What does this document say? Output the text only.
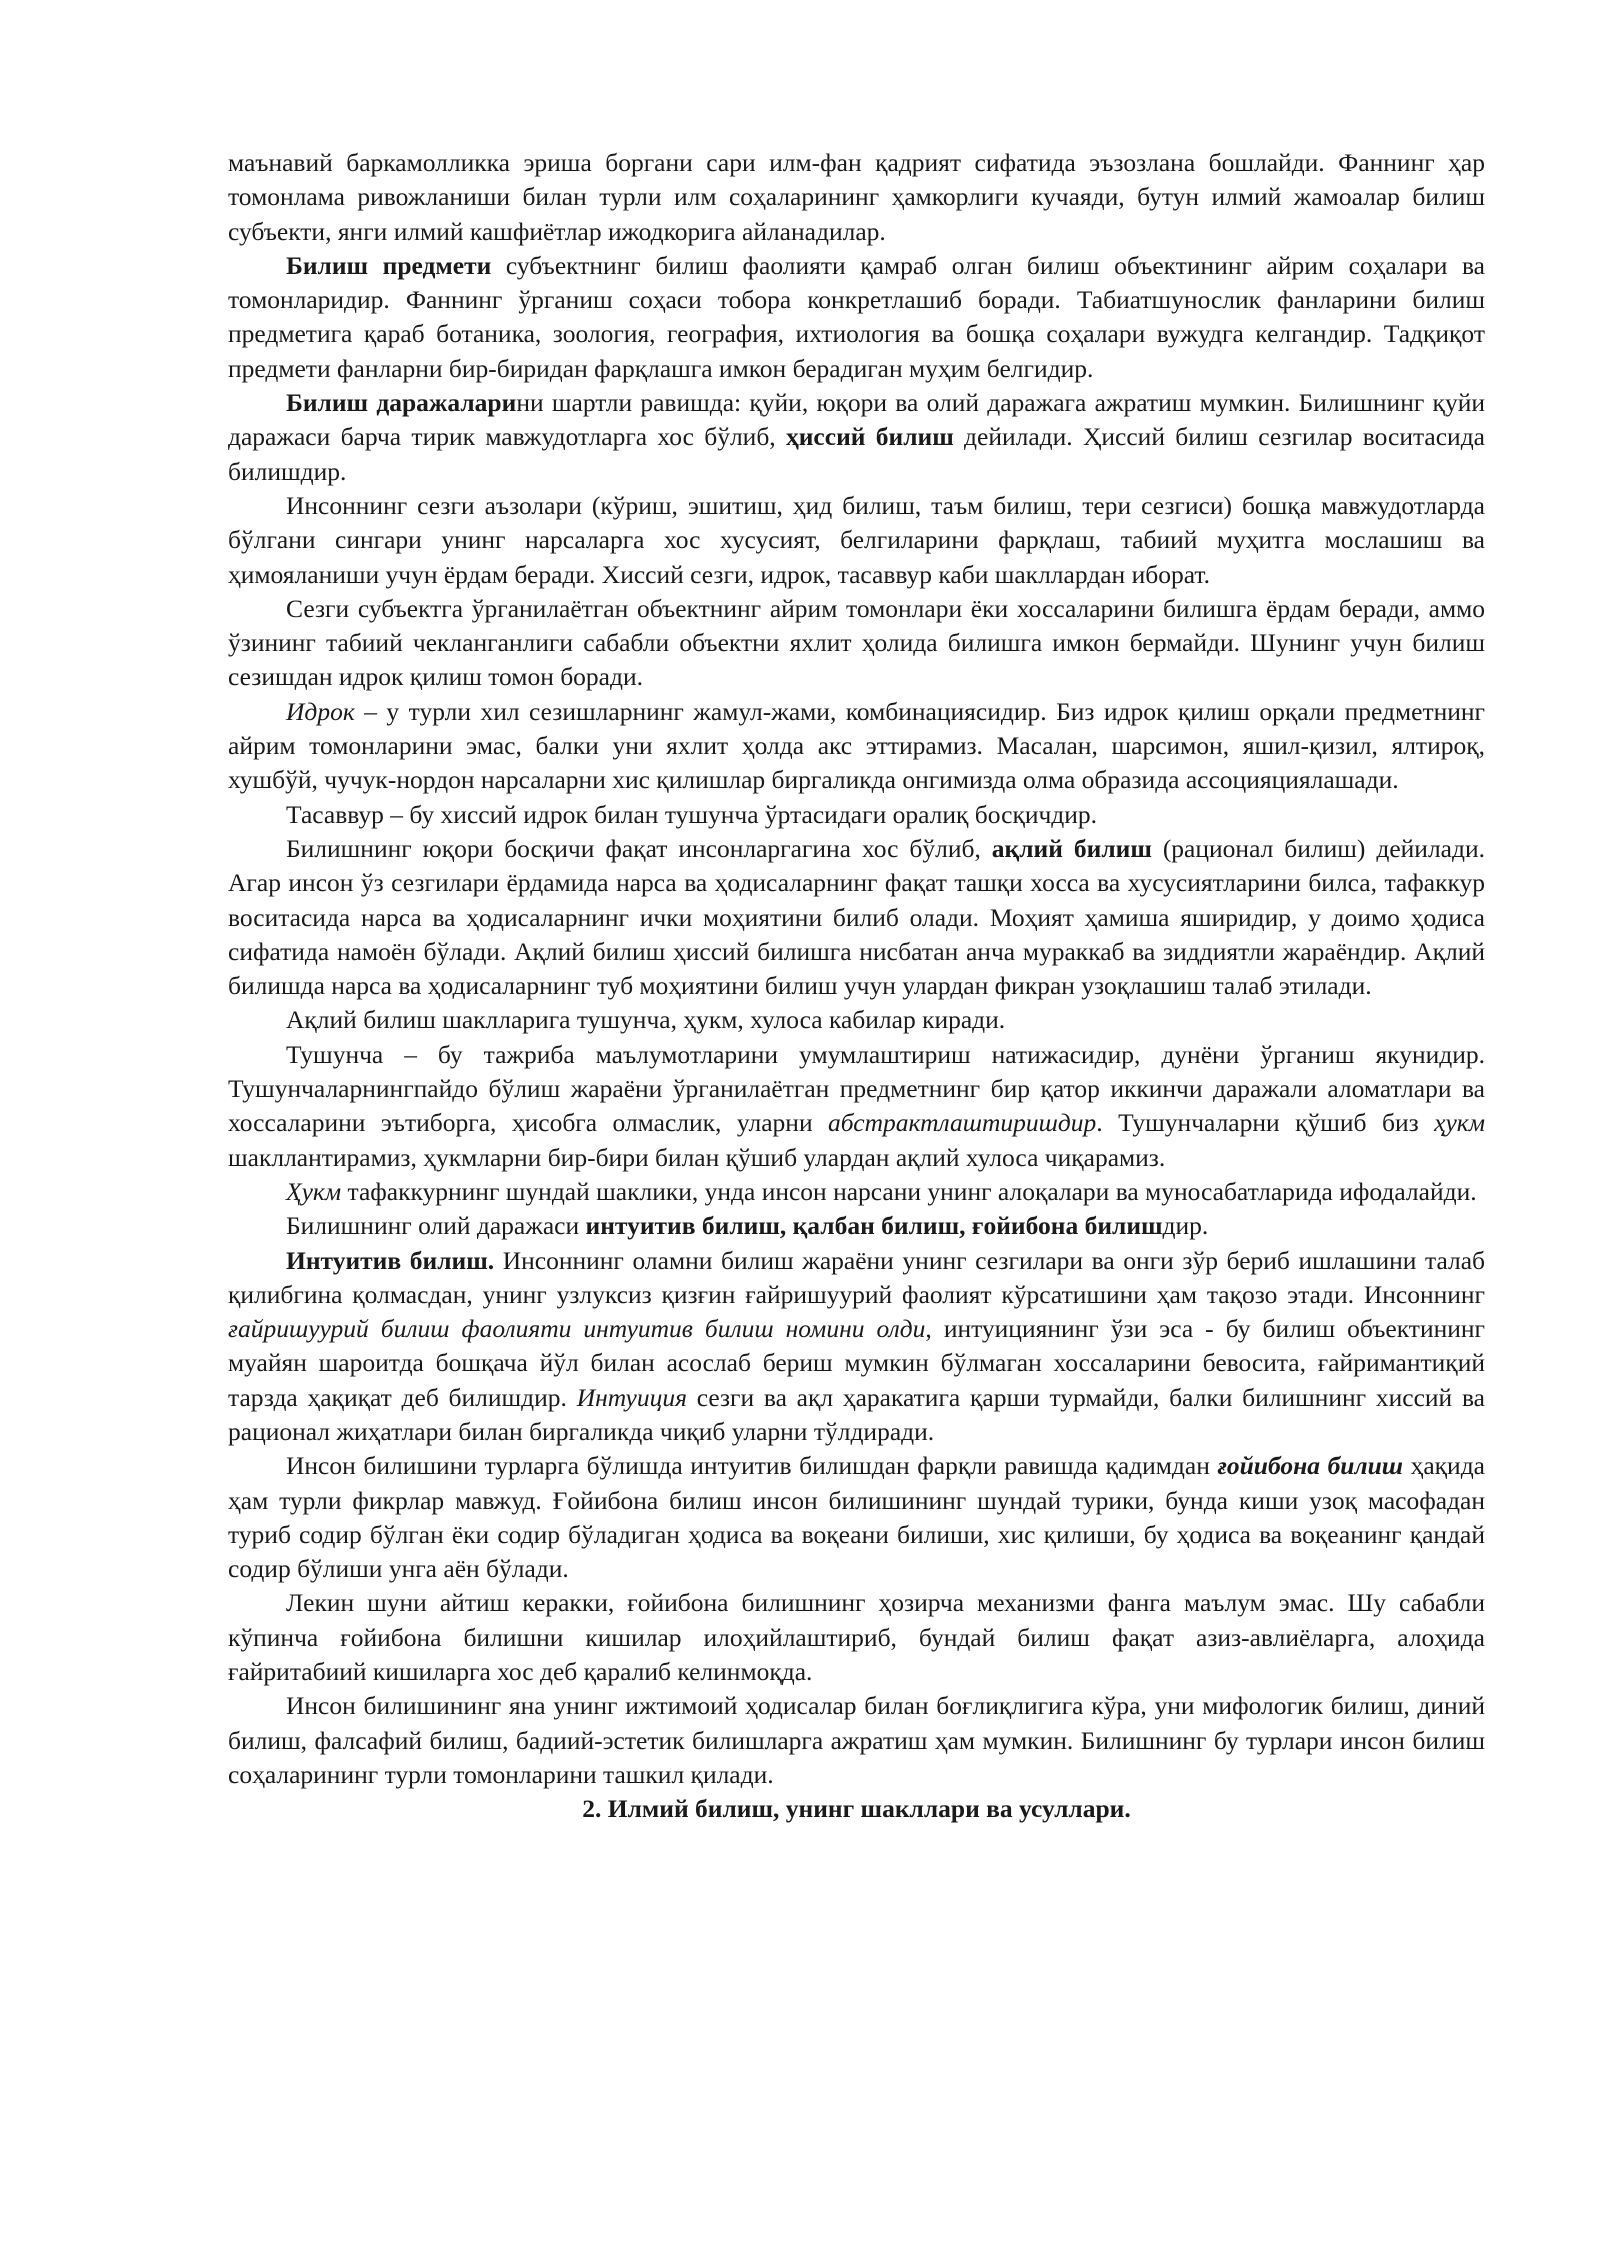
маънавий баркамолликка эриша боргани сари илм-фан қадрият сифатида эъзозлана бошлайди. Фаннинг ҳар томонлама ривожланиши билан турли илм соҳаларининг ҳамкорлиги кучаяди, бутун илмий жамоалар билиш субъекти, янги илмий кашфиётлар ижодкорига айланадилар.

Билиш предмети субъектнинг билиш фаолияти қамраб олган билиш объектининг айрим соҳалари ва томонларидир. Фаннинг ўрганиш соҳаси тобора конкретлашиб боради. Табиатшунослик фанларини билиш предметига қараб ботаника, зоология, география, ихтиология ва бошқа соҳалари вужудга келгандир. Тадқиқот предмети фанларни бир-биридан фарқлашга имкон берадиган муҳим белгидир.

Билиш даражаларини шартли равишда: қуйи, юқори ва олий даражага ажратиш мумкин. Билишнинг қуйи даражаси барча тирик мавжудотларга хос бўлиб, ҳиссий билиш дейилади. Ҳиссий билиш сезгилар воситасида билишдир.

Инсоннинг сезги аъзолари (кўриш, эшитиш, ҳид билиш, таъм билиш, тери сезгиси) бошқа мавжудотларда бўлгани сингари унинг нарсаларга хос хусусият, белгиларини фарқлаш, табиий муҳитга мослашиш ва ҳимояланиши учун ёрдам беради. Хиссий сезги, идрок, тасаввур каби шакллардан иборат.

Сезги субъектга ўрганилаётган объектнинг айрим томонлари ёки хоссаларини билишга ёрдам беради, аммо ўзининг табиий чекланганлиги сабабли объектни яхлит ҳолида билишга имкон бермайди. Шунинг учун билиш сезишдан идрок қилиш томон боради.

Идрок – у турли хил сезишларнинг жамул-жами, комбинациясидир. Биз идрок қилиш орқали предметнинг айрим томонларини эмас, балки уни яхлит ҳолда акс эттирамиз. Масалан, шарсимон, яшил-қизил, ялтироқ, хушбўй, чучук-нордон нарсаларни хис қилишлар биргаликда онгимизда олма образида ассоцияциялашади.

Тасаввур – бу хиссий идрок билан тушунча ўртасидаги оралиқ босқичдир.

Билишнинг юқори босқичи фақат инсонларгагина хос бўлиб, ақлий билиш (рационал билиш) дейилади. Агар инсон ўз сезгилари ёрдамида нарса ва ҳодисаларнинг фақат ташқи хосса ва хусусиятларини билса, тафаккур воситасида нарса ва ҳодисаларнинг ички моҳиятини билиб олади. Моҳият ҳамиша яширидир, у доимо ҳодиса сифатида намоён бўлади. Ақлий билиш ҳиссий билишга нисбатан анча мураккаб ва зиддиятли жараёндир. Ақлий билишда нарса ва ҳодисаларнинг туб моҳиятини билиш учун улардан фикран узоқлашиш талаб этилади.

Ақлий билиш шаклларига тушунча, ҳукм, хулоса кабилар киради.

Тушунча – бу тажриба маълумотларини умумлаштириш натижасидир, дунёни ўрганиш якунидир. Тушунчаларнингпайдо бўлиш жараёни ўрганилаётган предметнинг бир қатор иккинчи даражали аломатлари ва хоссаларини эътиборга, ҳисобга олмаслик, уларни абстрактлаштиришдир. Тушунчаларни қўшиб биз ҳукм шакллантирамиз, ҳукмларни бир-бири билан қўшиб улардан ақлий хулоса чиқарамиз.

Ҳукм тафаккурнинг шундай шаклики, унда инсон нарсани унинг алоқалари ва муносабатларида ифодалайди.

Билишнинг олий даражаси интуитив билиш, қалбан билиш, ғойибона билишдир.

Интуитив билиш. Инсоннинг оламни билиш жараёни унинг сезгилари ва онги зўр бериб ишлашини талаб қилибгина қолмасдан, унинг узлуксиз қизғин ғайришуурий фаолият кўрсатишини ҳам тақозо этади. Инсоннинг ғайришуурий билиш фаолияти интуитив билиш номини олди, интуициянинг ўзи эса - бу билиш объектининг муайян шароитда бошқача йўл билан асослаб бериш мумкин бўлмаган хоссаларини бевосита, ғайримантиқий тарзда ҳақиқат деб билишдир. Интуиция сезги ва ақл ҳаракатига қарши турмайди, балки билишнинг хиссий ва рационал жиҳатлари билан биргаликда чиқиб уларни тўлдиради.

Инсон билишини турларга бўлишда интуитив билишдан фарқли равишда қадимдан ғойибона билиш ҳақида ҳам турли фикрлар мавжуд. Ғойибона билиш инсон билишининг шундай турики, бунда киши узоқ масофадан туриб содир бўлган ёки содир бўладиган ҳодиса ва воқеани билиши, хис қилиши, бу ҳодиса ва воқеанинг қандай содир бўлиши унга аён бўлади.

Лекин шуни айтиш керакки, ғойибона билишнинг ҳозирча механизми фанга маълум эмас. Шу сабабли кўпинча ғойибона билишни кишилар илоҳийлаштириб, бундай билиш фақат азиз-авлиёларга, алоҳида ғайритабиий кишиларга хос деб қаралиб келинмоқда.

Инсон билишининг яна унинг ижтимоий ҳодисалар билан боғлиқлигига кўра, уни мифологик билиш, диний билиш, фалсафий билиш, бадиий-эстетик билишларга ажратиш ҳам мумкин. Билишнинг бу турлари инсон билиш соҳаларининг турли томонларини ташкил қилади.

2. Илмий билиш, унинг шакллари ва усуллари.
